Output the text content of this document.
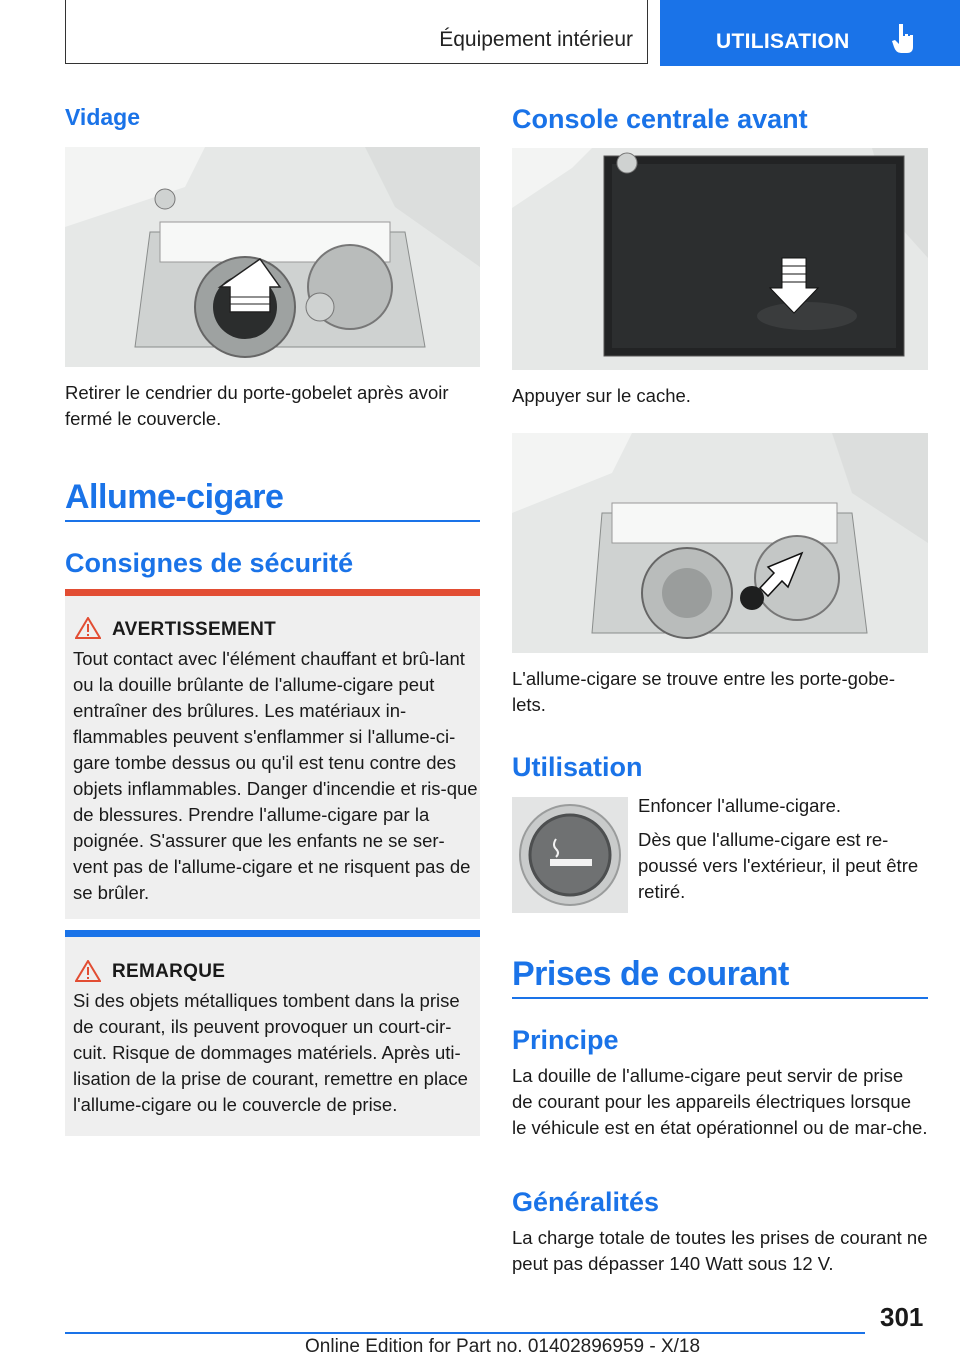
Équipement intérieur	UTILISATION
Vidage
Retirer le cendrier du porte-gobelet après avoir fermé le couvercle.
Allume-cigare
Consignes de sécurité
AVERTISSEMENT
Tout contact avec l'élément chauffant et brû-lant ou la douille brûlante de l'allume-cigare peut entraîner des brûlures. Les matériaux in-flammables peuvent s'enflammer si l'allume-ci-gare tombe dessus ou qu'il est tenu contre des objets inflammables. Danger d'incendie et ris-que de blessures. Prendre l'allume-cigare par la poignée. S'assurer que les enfants ne se ser-vent pas de l'allume-cigare et ne risquent pas de se brûler.
REMARQUE
Si des objets métalliques tombent dans la prise de courant, ils peuvent provoquer un court-cir-cuit. Risque de dommages matériels. Après uti-lisation de la prise de courant, remettre en place l'allume-cigare ou le couvercle de prise.
Console centrale avant
Appuyer sur le cache.
L'allume-cigare se trouve entre les porte-gobe-lets.
Utilisation
Enfoncer l'allume-cigare.
Dès que l'allume-cigare est re-poussé vers l'extérieur, il peut être retiré.
Prises de courant
Principe
La douille de l'allume-cigare peut servir de prise de courant pour les appareils électriques lorsque le véhicule est en état opérationnel ou de mar-che.
Généralités
La charge totale de toutes les prises de courant ne peut pas dépasser 140 Watt sous 12 V.
301
Online Edition for Part no. 01402896959 - X/18
